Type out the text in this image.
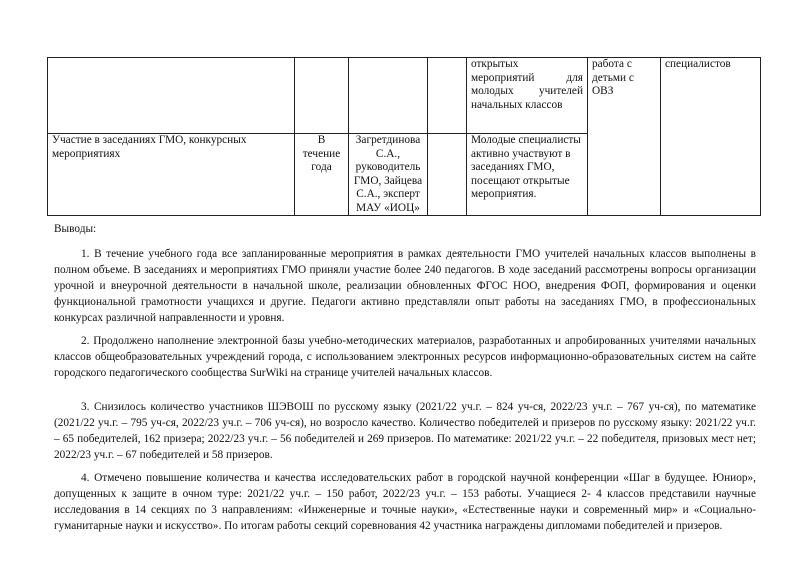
				открытых
мероприятий для
молодых учителей
начальных классов	работа с детьми с ОВЗ	специалистов
Участие в заседаниях ГМО, конкурсных мероприятиях	В течение года	Загретдинова С.А., руководитель ГМО, Зайцева С.А., эксперт МАУ «ИОЦ»		Молодые специалисты активно участвуют в заседаниях ГМО, посещают открытые мероприятия.		

Выводы:

1. В течение учебного года все запланированные мероприятия в рамках деятельности ГМО учителей начальных классов выполнены в полном объеме. В заседаниях и мероприятиях ГМО приняли участие более 240 педагогов. В ходе заседаний рассмотрены вопросы организации урочной и внеурочной деятельности в начальной школе, реализации обновленных ФГОС НОО, внедрения ФОП, формирования и оценки функциональной грамотности учащихся и другие. Педагоги активно представляли опыт работы на заседаниях ГМО, в профессиональных конкурсах различной направленности и уровня.

2. Продолжено наполнение электронной базы учебно-методических материалов, разработанных и апробированных учителями начальных классов общеобразовательных учреждений города, с использованием электронных ресурсов информационно-образовательных систем на сайте городского педагогического сообщества SurWiki на странице учителей начальных классов.

3. Снизилось количество участников ШЭВОШ по русскому языку (2021/22 уч.г. – 824 уч-ся, 2022/23 уч.г. – 767 уч-ся), по математике (2021/22 уч.г. – 795 уч-ся, 2022/23 уч.г. – 706 уч-ся), но возросло качество. Количество победителей и призеров по русскому языку: 2021/22 уч.г. – 65 победителей, 162 призера; 2022/23 уч.г. – 56 победителей и 269 призеров. По математике: 2021/22 уч.г. – 22 победителя, призовых мест нет; 2022/23 уч.г. – 67 победителей и 58 призеров.

4. Отмечено повышение количества и качества исследовательских работ в городской научной конференции «Шаг в будущее. Юниор», допущенных к защите в очном туре: 2021/22 уч.г. – 150 работ, 2022/23 уч.г. – 153 работы. Учащиеся 2- 4 классов представили научные исследования в 14 секциях по 3 направлениям: «Инженерные и точные науки», «Естественные науки и современный мир» и «Социально-гуманитарные науки и искусство». По итогам работы секций соревнования 42 участника награждены дипломами победителей и призеров.
